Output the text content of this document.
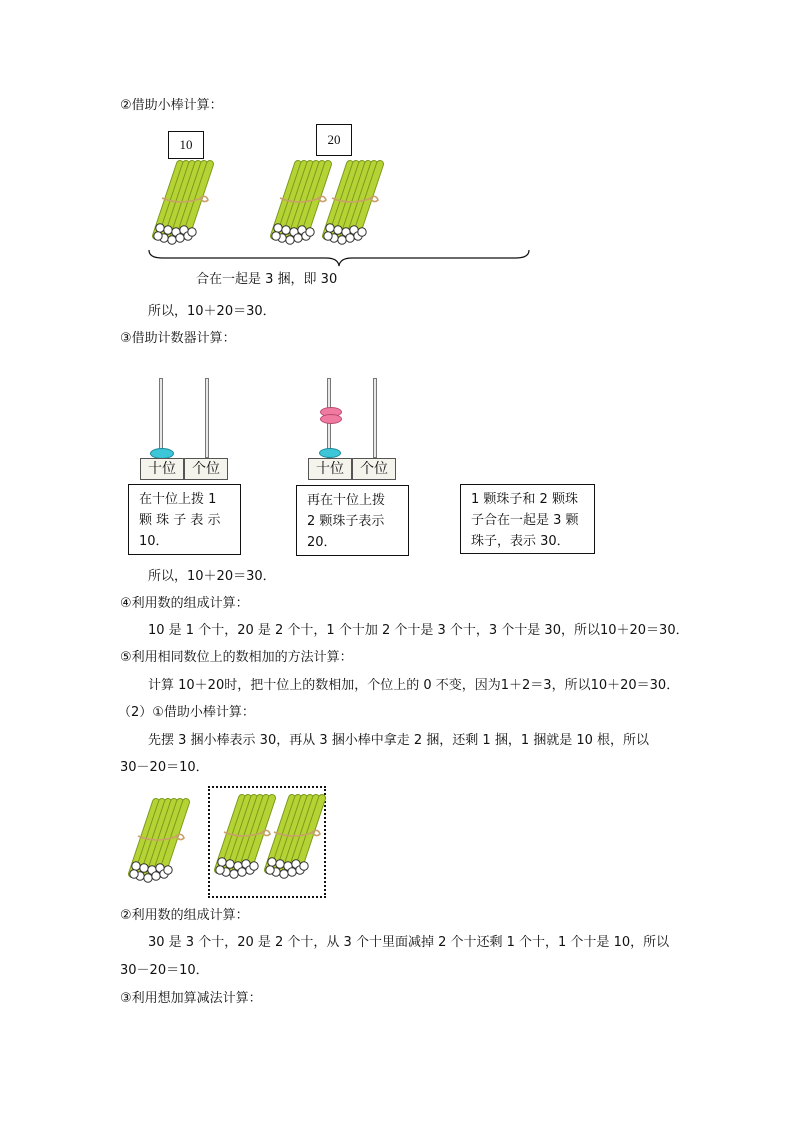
②借助小棒计算：
10	20
合在一起是 3 捆，即 30
所以，10＋20＝30．
③借助计数器计算：
十位	个位	十位	个位
在十位上拨 1
颗 珠 子 表 示
10．
再在十位上拨
2 颗珠子表示
20．
1 颗珠子和 2 颗珠
子合在一起是 3 颗
珠子，表示 30．
所以，10＋20＝30．
④利用数的组成计算：
10 是 1 个十，20 是 2 个十，1 个十加 2 个十是 3 个十，3 个十是 30，所以10＋20＝30．
⑤利用相同数位上的数相加的方法计算：
计算 10＋20时，把十位上的数相加，个位上的 0 不变，因为1＋2＝3，所以10＋20＝30．
（2）①借助小棒计算：
先摆 3 捆小棒表示 30，再从 3 捆小棒中拿走 2 捆，还剩 1 捆，1 捆就是 10 根，所以
30－20＝10．
②利用数的组成计算：
30 是 3 个十，20 是 2 个十，从 3 个十里面减掉 2 个十还剩 1 个十，1 个十是 10，所以
30－20＝10．
③利用想加算减法计算：
